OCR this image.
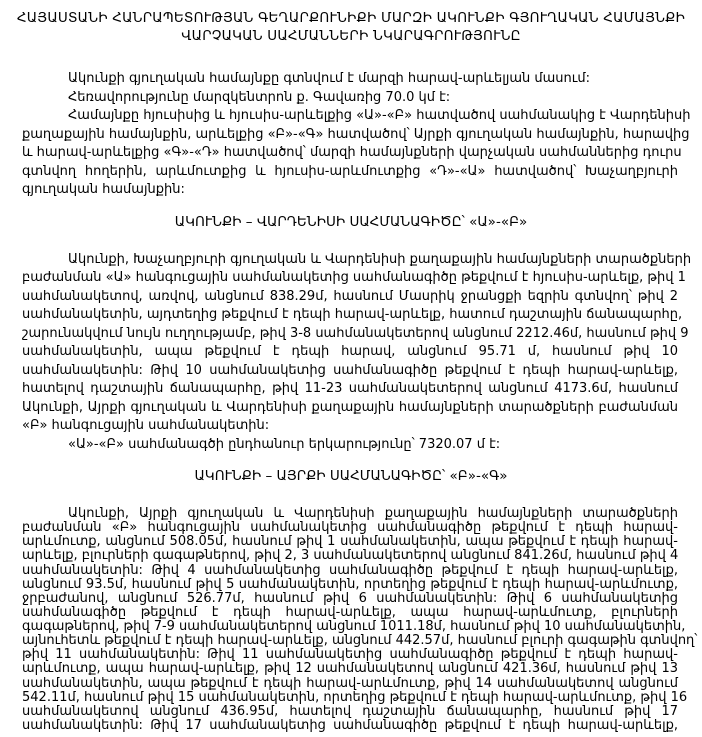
ՀԱՅԱՍՏԱՆԻ ՀԱՆՐԱՊԵՏՈՒԹՅԱՆ ԳԵՂԱՐՔՈՒՆԻՔԻ ՄԱՐԶԻ ԱԿՈՒՆՔԻ ԳՅՈՒՂԱԿԱՆ ՀԱՄԱՅՆՔԻ
ՎԱՐՉԱԿԱՆ ՍԱՀՄԱՆՆԵՐԻ ՆԿԱՐԱԳՐՈՒԹՅՈՒՆԸ
Ակունքի գյուղական համայնքը գտնվում է մարզի հարավ-արևելյան մասում:
Հեռավորությունը մարզկենտրոն ք. Գավառից 70.0 կմ է:
Համայնքը հյուսիսից և հյուսիս-արևելքից «Ա»-«Բ» հատվածով սահմանակից է Վարդենիսի
քաղաքային համայնքին, արևելքից «Բ»-«Գ» հատվածով՝ Այրքի գյուղական համայնքին, հարավից
և հարավ-արևելքից «Գ»-«Դ» հատվածով՝ մարզի համայնքների վարչական սահմաններից դուրս
գտնվող հողերին, արևմուտքից և հյուսիս-արևմուտքից «Դ»-«Ա» հատվածով՝ Խաչաղբյուրի
գյուղական համայնքին:
ԱԿՈՒՆՔԻ – ՎԱՐԴԵՆԻՍԻ ՍԱՀՄԱՆԱԳԻԾԸ՝ «Ա»-«Բ»
Ակունքի, Խաչաղբյուրի գյուղական և Վարդենիսի քաղաքային համայնքների տարածքների
բաժանման «Ա» հանգուցային սահմանակետից սահմանագիծը թեքվում է հյուսիս-արևելք, թիվ 1
սահմանակետով, առվով, անցնում 838.29մ, հասնում Մասրիկ ջրանցքի եզրին գտնվող՝ թիվ 2
սահմանակետին, այդտեղից թեքվում է դեպի հարավ-արևելք, հատում դաշտային ճանապարհը,
շարունակվում նույն ուղղությամբ, թիվ 3-8 սահմանակետերով անցնում 2212.46մ, հասնում թիվ 9
սահմանակետին, ապա թեքվում է դեպի հարավ, անցնում 95.71 մ, հասնում թիվ 10
սահմանակետին: Թիվ 10 սահմանակետից սահմանագիծը թեքվում է դեպի հարավ-արևելք,
հատելով դաշտային ճանապարհը, թիվ 11-23 սահմանակետերով անցնում 4173.6մ, հասնում
Ակունքի, Այրքի գյուղական և Վարդենիսի քաղաքային համայնքների տարածքների բաժանման
«Բ» հանգուցային սահմանակետին:
«Ա»-«Բ» սահմանագծի ընդհանուր երկարությունը՝ 7320.07 մ է:
ԱԿՈՒՆՔԻ – ԱՅՐՔԻ ՍԱՀՄԱՆԱԳԻԾԸ՝ «Բ»-«Գ»
Ակունքի, Այրքի գյուղական և Վարդենիսի քաղաքային համայնքների տարածքների
բաժանման «Բ» հանգուցային սահմանակետից սահմանագիծը թեքվում է դեպի հարավ-
արևմուտք, անցնում 508.05մ, հասնում թիվ 1 սահմանակետին, ապա թեքվում է դեպի հարավ-
արևելք, բլուրների գագաթներով, թիվ 2, 3 սահմանակետերով անցնում 841.26մ, հասնում թիվ 4
սահմանակետին: Թիվ 4 սահմանակետից սահմանագիծը թեքվում է դեպի հարավ-արևելք,
անցնում 93.5մ, հասնում թիվ 5 սահմանակետին, որտեղից թեքվում է դեպի հարավ-արևմուտք,
ջրբաժանով, անցնում 526.77մ, հասնում թիվ 6 սահմանակետին: Թիվ 6 սահմանակետից
սահմանագիծը թեքվում է դեպի հարավ-արևելք, ապա հարավ-արևմուտք, բլուրների
գագաթներով, թիվ 7-9 սահմանակետերով անցնում 1011.18մ, հասնում թիվ 10 սահմանակետին,
այնուհետև թեքվում է դեպի հարավ-արևելք, անցնում 442.57մ, հասնում բլուրի գագաթին գտնվող՝
թիվ 11 սահմանակետին: Թիվ 11 սահմանակետից սահմանագիծը թեքվում է դեպի հարավ-
արևմուտք, ապա հարավ-արևելք, թիվ 12 սահմանակետով անցնում 421.36մ, հասնում թիվ 13
սահմանակետին, ապա թեքվում է դեպի հարավ-արևմուտք, թիվ 14 սահմանակետով անցնում
542.11մ, հասնում թիվ 15 սահմանակետին, որտեղից թեքվում է դեպի հարավ-արևմուտք, թիվ 16
սահմանակետով անցնում 436.95մ, հատելով դաշտային ճանապարհը, հասնում թիվ 17
սահմանակետին: Թիվ 17 սահմանակետից սահմանագիծը թեքվում է դեպի հարավ-արևելք,
